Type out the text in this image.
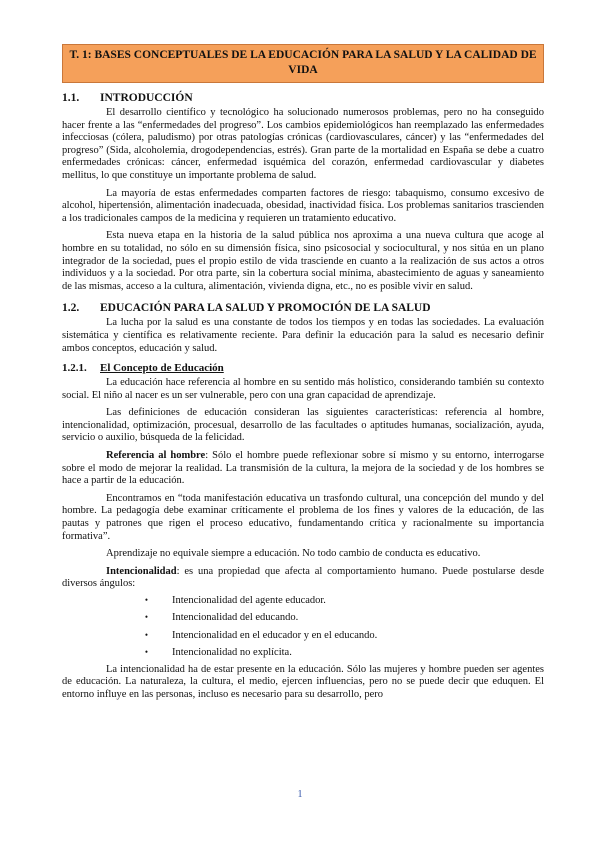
T. 1: BASES CONCEPTUALES DE LA EDUCACIÓN PARA LA SALUD Y LA CALIDAD DE VIDA
1.1.	INTRODUCCIÓN

El desarrollo científico y tecnológico ha solucionado numerosos problemas, pero no ha conseguido hacer frente a las “enfermedades del progreso”. Los cambios epidemiológicos han reemplazado las enfermedades infecciosas (cólera, paludismo) por otras patologías crónicas (cardiovasculares, cáncer) y las “enfermedades del progreso” (Sida, alcoholemia, drogodependencias, estrés). Gran parte de la mortalidad en España se debe a cuatro enfermedades crónicas: cáncer, enfermedad isquémica del corazón, enfermedad cardiovascular y diabetes mellitus, lo que constituye un importante problema de salud.

La mayoría de estas enfermedades comparten factores de riesgo: tabaquismo, consumo excesivo de alcohol, hipertensión, alimentación inadecuada, obesidad, inactividad física. Los problemas sanitarios trascienden a los tradicionales campos de la medicina y requieren un tratamiento educativo.

Esta nueva etapa en la historia de la salud pública nos aproxima a una nueva cultura que acoge al hombre en su totalidad, no sólo en su dimensión física, sino psicosocial y sociocultural, y nos sitúa en un plano integrador de la sociedad, pues el propio estilo de vida trasciende en cuanto a la realización de sus actos a otros individuos y a la sociedad. Por otra parte, sin la cobertura social mínima, abastecimiento de aguas y saneamiento de las mismas, acceso a la cultura, alimentación, vivienda digna, etc., no es posible vivir en salud.

1.2.	EDUCACIÓN PARA LA SALUD Y PROMOCIÓN DE LA SALUD

La lucha por la salud es una constante de todos los tiempos y en todas las sociedades. La evaluación sistemática y científica es relativamente reciente. Para definir la educación para la salud es necesario definir ambos conceptos, educación y salud.

1.2.1.	El Concepto de Educación

La educación hace referencia al hombre en su sentido más holístico, considerando también su contexto social. El niño al nacer es un ser vulnerable, pero con una gran capacidad de aprendizaje.

Las definiciones de educación consideran las siguientes características: referencia al hombre, intencionalidad, optimización, procesual, desarrollo de las facultades o aptitudes humanas, socialización, ayuda, servicio o auxilio, búsqueda de la felicidad.

Referencia al hombre: Sólo el hombre puede reflexionar sobre sí mismo y su entorno, interrogarse sobre el modo de mejorar la realidad. La transmisión de la cultura, la mejora de la sociedad y de los hombres se hace a partir de la educación.

Encontramos en “toda manifestación educativa un trasfondo cultural, una concepción del mundo y del hombre. La pedagogía debe examinar críticamente el problema de los fines y valores de la educación, de las pautas y patrones que rigen el proceso educativo, fundamentando crítica y racionalmente su importancia formativa”.

Aprendizaje no equivale siempre a educación. No todo cambio de conducta es educativo.

Intencionalidad: es una propiedad que afecta al comportamiento humano. Puede postularse desde diversos ángulos:

•	Intencionalidad del agente educador.
•	Intencionalidad del educando.
•	Intencionalidad en el educador y en el educando.
•	Intencionalidad no explícita.

La intencionalidad ha de estar presente en la educación. Sólo las mujeres y hombre pueden ser agentes de educación. La naturaleza, la cultura, el medio, ejercen influencias, pero no se puede decir que eduquen. El entorno influye en las personas, incluso es necesario para su desarrollo, pero

1
